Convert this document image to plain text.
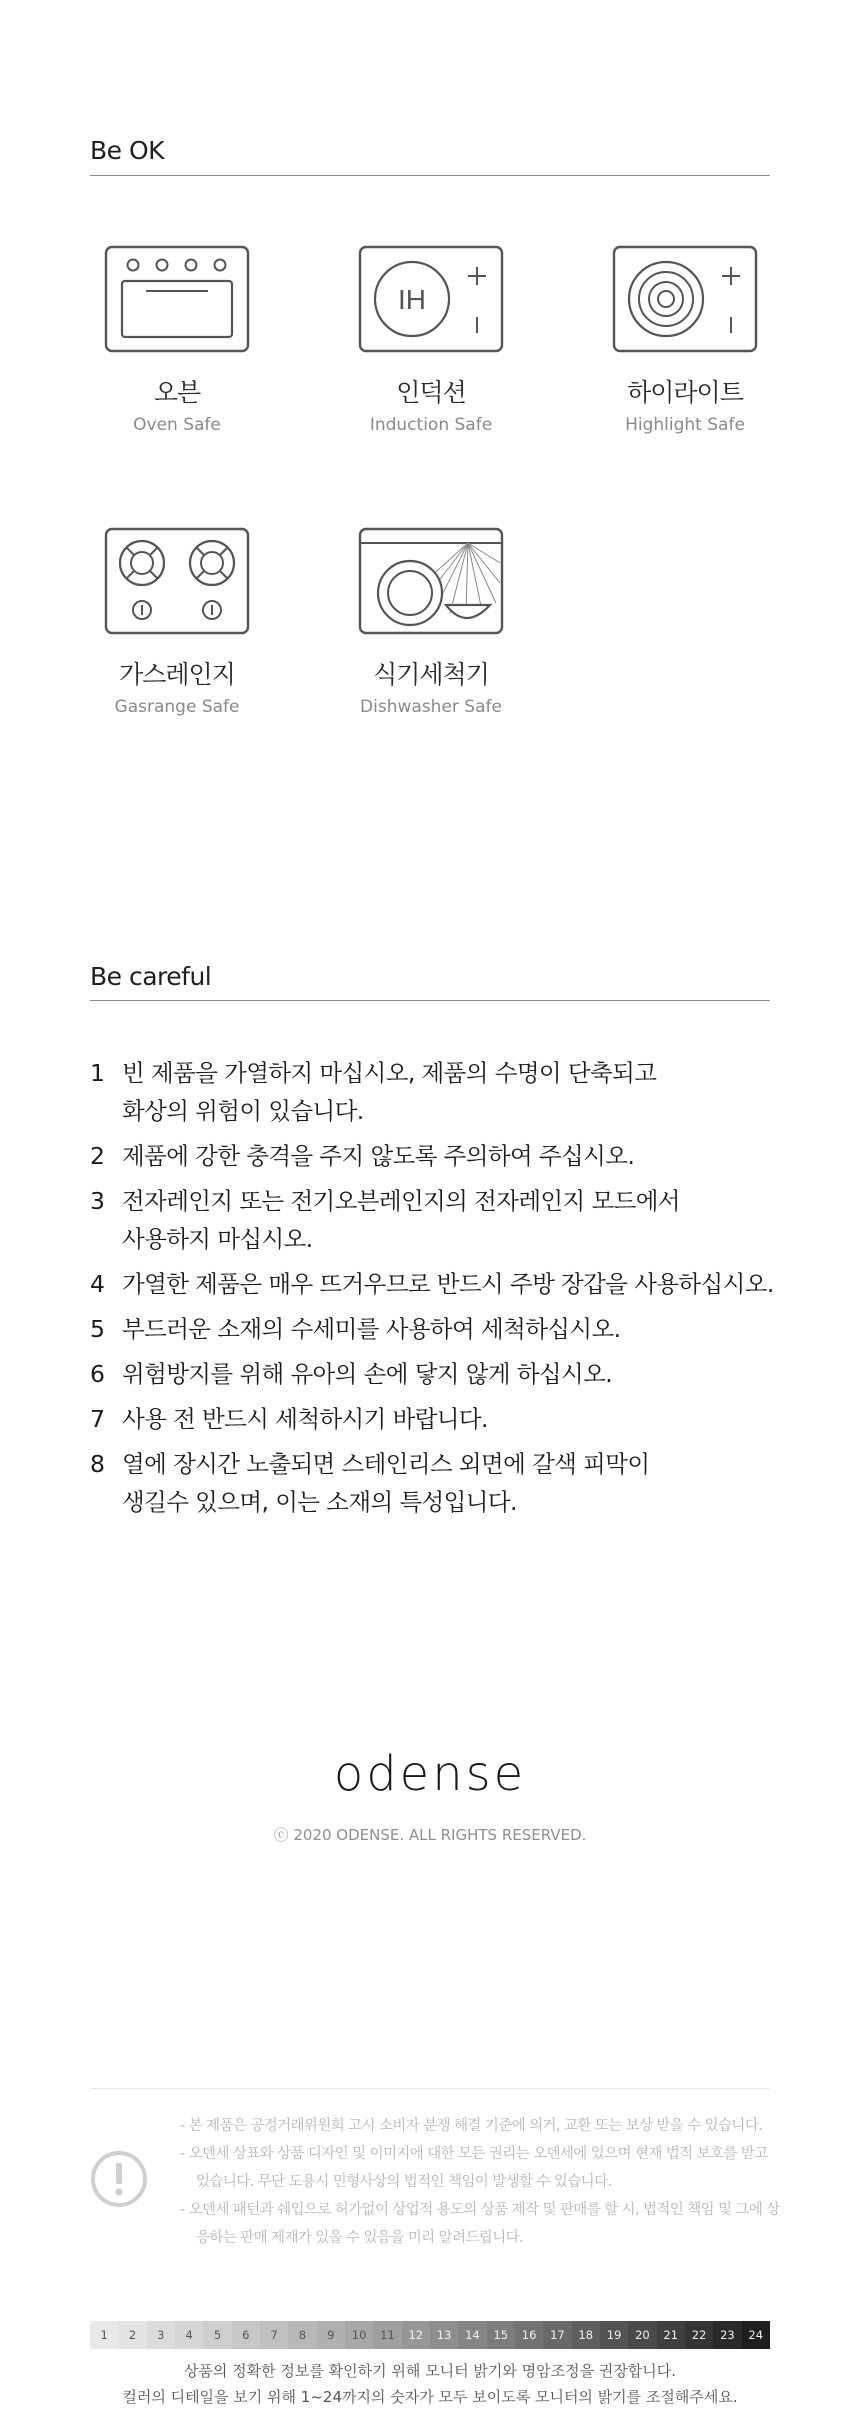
Be OK
오븐
Oven Safe
IH
인덕션
Induction Safe
하이라이트
Highlight Safe
가스레인지
Gasrange Safe
식기세척기
Dishwasher Safe
Be careful
1 빈 제품을 가열하지 마십시오, 제품의 수명이 단축되고
화상의 위험이 있습니다.
2 제품에 강한 충격을 주지 않도록 주의하여 주십시오.
3 전자레인지 또는 전기오븐레인지의 전자레인지 모드에서
사용하지 마십시오.
4 가열한 제품은 매우 뜨거우므로 반드시 주방 장갑을 사용하십시오.
5 부드러운 소재의 수세미를 사용하여 세척하십시오.
6 위험방지를 위해 유아의 손에 닿지 않게 하십시오.
7 사용 전 반드시 세척하시기 바랍니다.
8 열에 장시간 노출되면 스테인리스 외면에 갈색 피막이
생길수 있으며, 이는 소재의 특성입니다.
odense
ⓒ 2020 ODENSE. ALL RIGHTS RESERVED.
- 본 제품은 공정거래위원회 고시 소비자 분쟁 해결 기준에 의거, 교환 또는 보상 받을 수 있습니다.
- 오덴세 상표와 상품 디자인 및 이미지에 대한 모든 권리는 오덴세에 있으며 현재 법적 보호를 받고 있습니다. 무단 도용시 민형사상의 법적인 책임이 발생할 수 있습니다.
- 오덴세 패턴과 쉐입으로 허가없이 상업적 용도의 상품 제작 및 판매를 할 시, 법적인 책임 및 그에 상응하는 판매 제재가 있을 수 있음을 미리 알려드립니다.
1	2	3	4	5	6	7	8	9	10	11	12	13	14	15	16	17	18	19	20	21	22	23	24
상품의 정확한 정보를 확인하기 위해 모니터 밝기와 명암조정을 권장합니다.
컬러의 디테일을 보기 위해 1~24까지의 숫자가 모두 보이도록 모니터의 밝기를 조절해주세요.
